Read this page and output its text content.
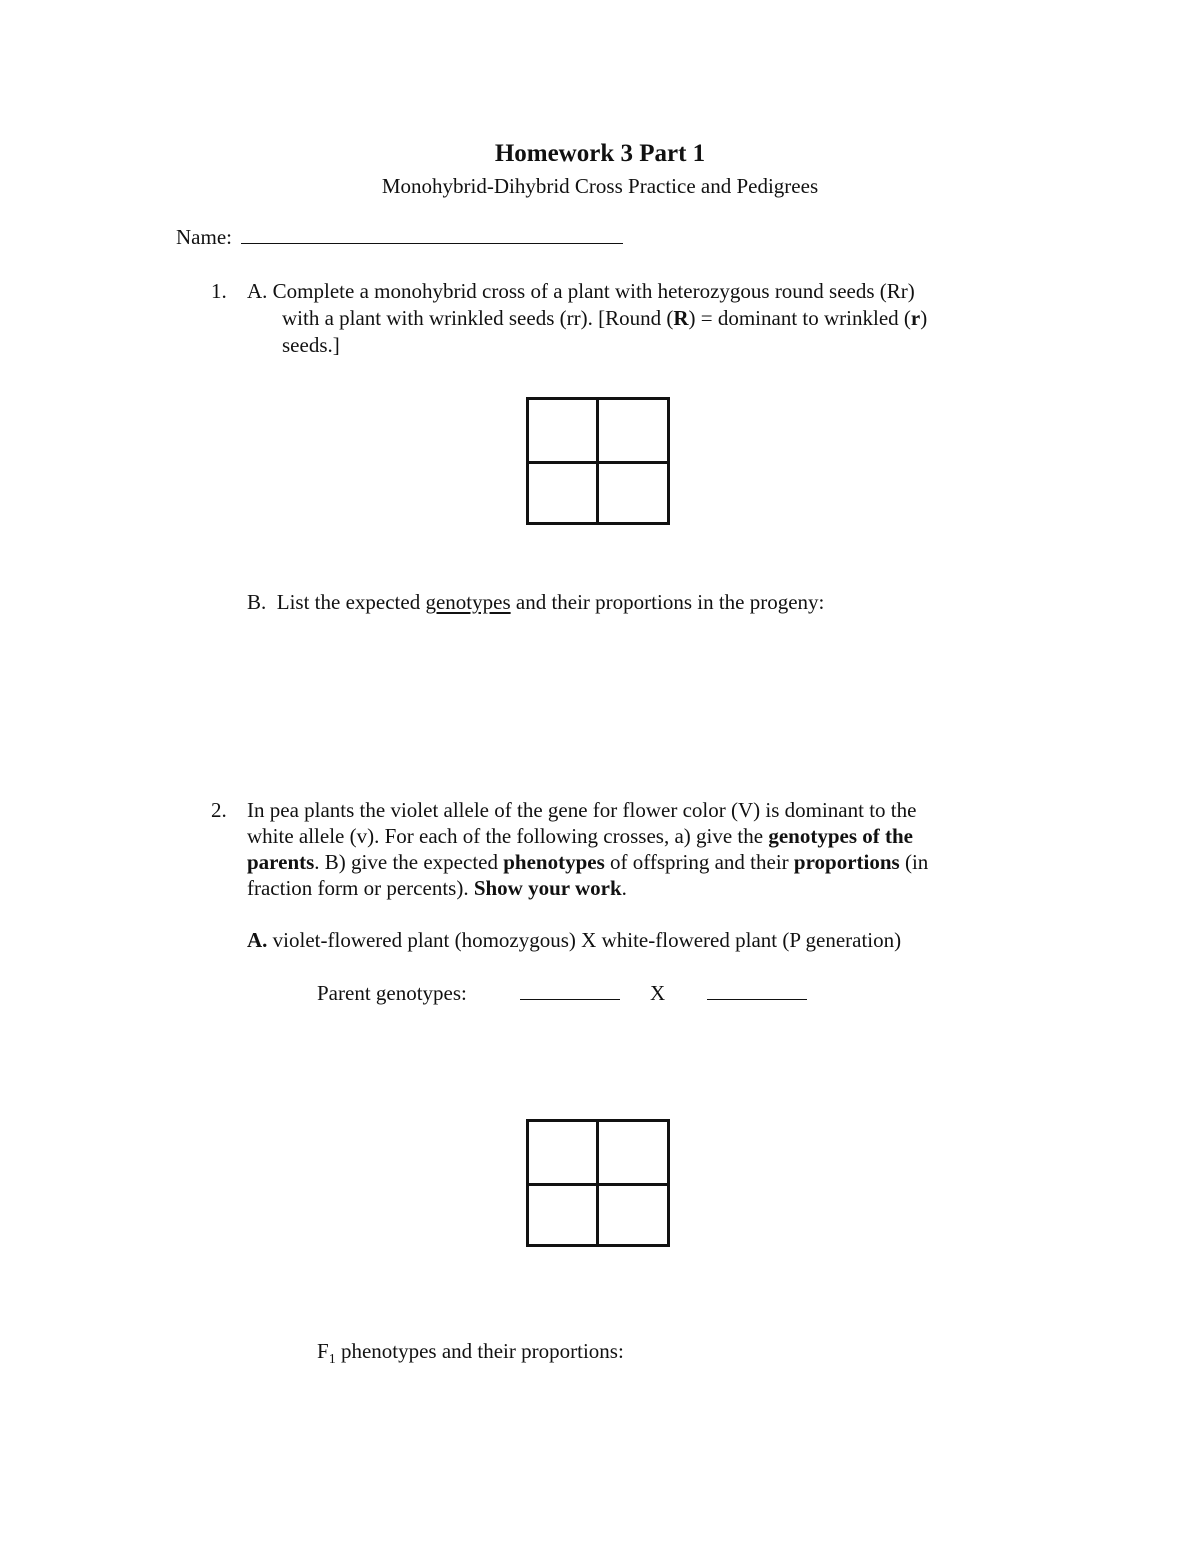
Homework 3 Part 1
Monohybrid-Dihybrid Cross Practice and Pedigrees
Name:
1. A. Complete a monohybrid cross of a plant with heterozygous round seeds (Rr)
with a plant with wrinkled seeds (rr). [Round (R) = dominant to wrinkled (r)
seeds.]
B. List the expected genotypes and their proportions in the progeny:
2. In pea plants the violet allele of the gene for flower color (V) is dominant to the
white allele (v). For each of the following crosses, a) give the genotypes of the
parents. B) give the expected phenotypes of offspring and their proportions (in
fraction form or percents). Show your work.
A. violet-flowered plant (homozygous) X white-flowered plant (P generation)
Parent genotypes:	X
$F_1$ phenotypes and their proportions:
